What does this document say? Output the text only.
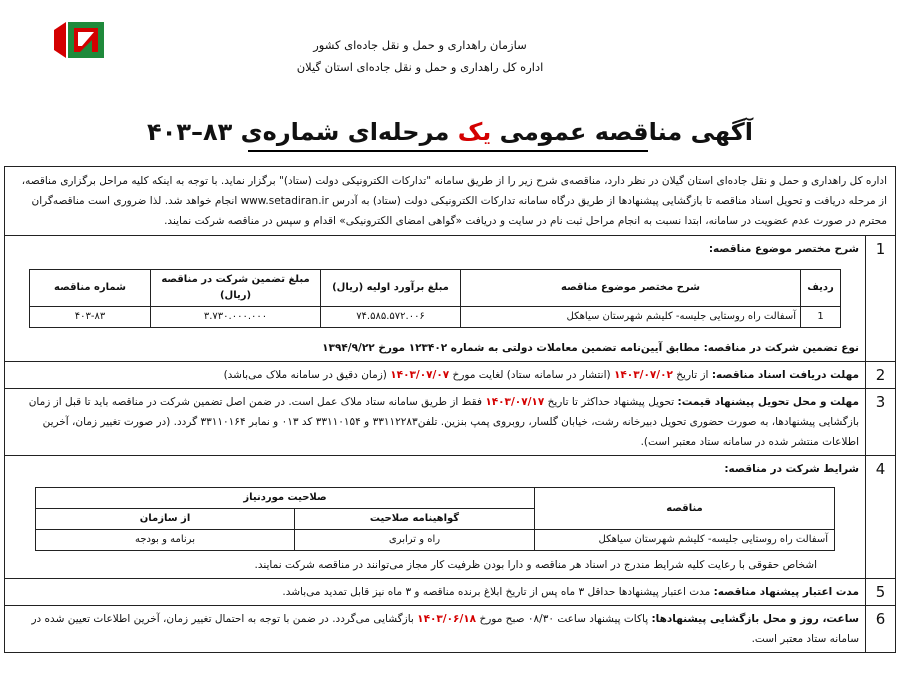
سازمان راهداری و حمل و نقل جاده‌ای کشور
اداره کل راهداری و حمل و نقل جاده‌ای استان گیلان
آگهی مناقصه عمومی یک مرحله‌ای شماره‌ی ۸۳–۴۰۳
اداره کل راهداری و حمل و نقل جاده‌ای استان گیلان در نظر دارد، مناقصه‌ی شرح زیر را از طریق سامانه "تدارکات الکترونیکی دولت (ستاد)" برگزار نماید. با توجه به اینکه کلیه مراحل برگزاری مناقصه، از مرحله دریافت و تحویل اسناد مناقصه تا بازگشایی پیشنهادها از طریق درگاه سامانه تدارکات الکترونیکی دولت (ستاد) به آدرس www.setadiran.ir انجام خواهد شد. لذا ضروری است مناقصه‌گران محترم در صورت عدم عضویت در سامانه، ابتدا نسبت به انجام مراحل ثبت نام در سایت و دریافت «گواهی امضای الکترونیکی» اقدام و سپس در مناقصه شرکت نمایند.
1	
شرح مختصر موضوع مناقصه:
ردیف	شرح مختصر موضوع مناقصه	مبلغ برآورد اولیه (ریال)	مبلغ تضمین شرکت در مناقصه (ریال)	شماره مناقصه
1	آسفالت راه روستایی جلیسه- کلیشم شهرستان سیاهکل	۷۴.۵۸۵.۵۷۲.۰۰۶	۳.۷۳۰.۰۰۰.۰۰۰	۴۰۳-۸۳
نوع تضمین شرکت در مناقصه: مطابق آیین‌نامه تضمین معاملات دولتی به شماره ۱۲۳۴۰۲ مورخ ۱۳۹۴/۹/۲۲

2	مهلت دریافت اسناد مناقصه: از تاریخ ۱۴۰۳/۰۷/۰۲ (انتشار در سامانه ستاد) لغایت مورخ ۱۴۰۳/۰۷/۰۷ (زمان دقیق در سامانه ملاک می‌باشد)
3	مهلت و محل تحویل پیشنهاد قیمت: تحویل پیشنهاد حداکثر تا تاریخ ۱۴۰۳/۰۷/۱۷ فقط از طریق سامانه ستاد ملاک عمل است. در ضمن اصل تضمین شرکت در مناقصه باید تا قبل از زمان بازگشایی پیشنهادها، به صورت حضوری تحویل دبیرخانه رشت، خیابان گلسار، روبروی پمپ بنزین. تلفن۳۳۱۱۲۲۸۳ و ۳۳۱۱۰۱۵۴ کد ۰۱۳ و نمابر ۳۳۱۱۰۱۶۴ گردد. (در صورت تغییر زمان، آخرین اطلاعات منتشر شده در سامانه ستاد معتبر است).
4	
شرایط شرکت در مناقصه:
مناقصه	صلاحیت موردنیاز
گواهینامه صلاحیت	از سازمان
آسفالت راه روستایی جلیسه- کلیشم شهرستان سیاهکل	راه و ترابری	برنامه و بودجه
اشخاص حقوقی با رعایت کلیه شرایط مندرج در اسناد هر مناقصه و دارا بودن ظرفیت کار مجاز می‌توانند در مناقصه شرکت نمایند.

5	مدت اعتبار پیشنهاد مناقصه: مدت اعتبار پیشنهادها حداقل ۳ ماه پس از تاریخ ابلاغ برنده مناقصه و ۳ ماه نیز قابل تمدید می‌باشد.
6	ساعت، روز و محل بازگشایی پیشنهادها: پاکات پیشنهاد ساعت ۰۸/۳۰ صبح مورخ ۱۴۰۳/۰۶/۱۸ بازگشایی می‌گردد. در ضمن با توجه به احتمال تغییر زمان، آخرین اطلاعات تعیین شده در سامانه ستاد معتبر است.
